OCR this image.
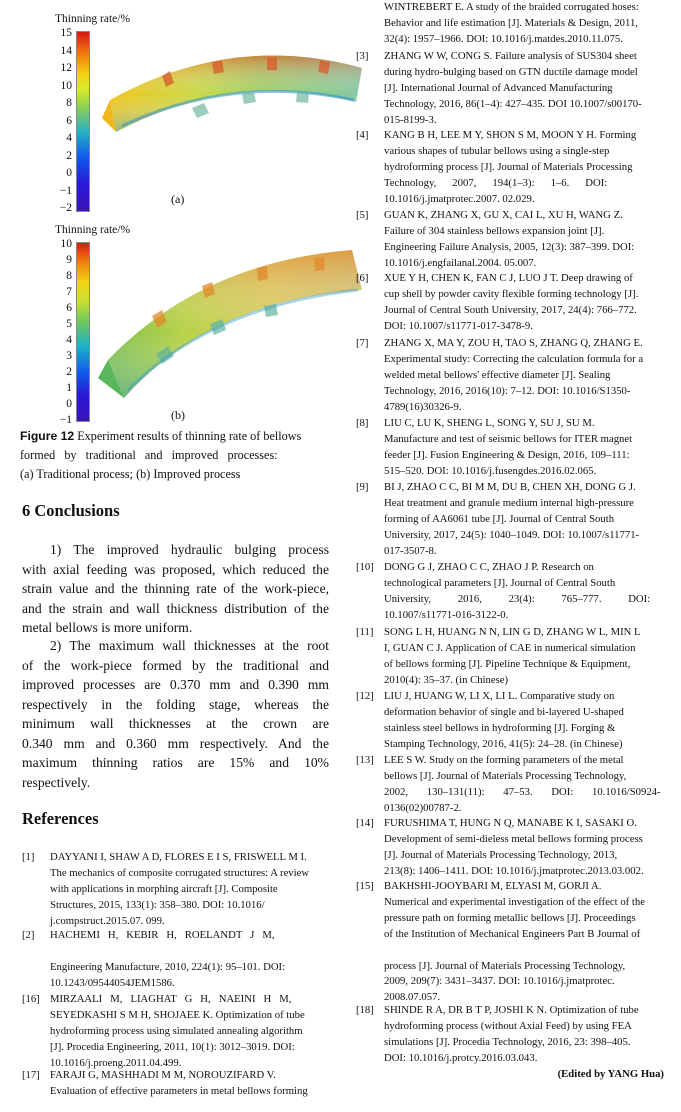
Thinning rate/%
15
14
12
10
8
6
4
2
0
−1
−2
(a)
Thinning rate/%
10
9
8
7
6
5
4
3
2
1
0
−1	(b)
Figure 12 Experiment results of thinning rate of bellows
formed   by   traditional   and   improved   processes:
(a) Traditional process; (b) Improved process
6 Conclusions
1) The improved hydraulic bulging process
with axial feeding was proposed, which reduced the
strain value and the thinning rate of the work-piece,
and the strain and wall thickness distribution of the
metal bellows is more uniform.
2) The maximum wall thicknesses at the root
of the work-piece formed by the traditional and
improved processes are 0.370 mm and 0.390 mm
respectively in the folding stage, whereas the
minimum wall thicknesses at the crown are
0.340 mm and 0.360 mm respectively. And the
maximum thinning ratios are 15% and 10%
respectively.
References
[1] DAYYANI I, SHAW A D, FLORES E I S, FRISWELL M I.
The mechanics of composite corrugated structures: A review
with applications in morphing aircraft [J]. Composite
Structures, 2015, 133(1): 358–380. DOI: 10.1016/
j.compstruct.2015.07. 099.
[2] HACHEMI   H,   KEBIR   H,   ROELANDT   J   M,
Engineering Manufacture, 2010, 224(1): 95–101. DOI:
10.1243/09544054JEM1586.
[16] MIRZAALI   M,   LIAGHAT   G   H,   NAEINI   H   M,
SEYEDKASHI S M H, SHOJAEE K. Optimization of tube
hydroforming process using simulated annealing algorithm
[J]. Procedia Engineering, 2011, 10(1): 3012–3019. DOI:
10.1016/j.proeng.2011.04.499.
[17] FARAJI G, MASHHADI M M, NOROUZIFARD V.
Evaluation of effective parameters in metal bellows forming
WINTREBERT E. A study of the braided corrugated hoses:
Behavior and life estimation [J]. Materials & Design, 2011,
32(4): 1957–1966. DOI: 10.1016/j.matdes.2010.11.075.
[3] ZHANG W W, CONG S. Failure analysis of SUS304 sheet
during hydro-bulging based on GTN ductile damage model
[J]. International Journal of Advanced Manufacturing
Technology, 2016, 86(1–4): 427–435. DOI 10.1007/s00170-
015-8199-3.
[4] KANG B H, LEE M Y, SHON S M, MOON Y H. Forming
various shapes of tubular bellows using a single-step
hydroforming process [J]. Journal of Materials Processing
Technology,      2007,      194(1–3):      1–6.      DOI:
10.1016/j.jmatprotec.2007. 02.029.
[5] GUAN K, ZHANG X, GU X, CAI L, XU H, WANG Z.
Failure of 304 stainless bellows expansion joint [J].
Engineering Failure Analysis, 2005, 12(3): 387–399. DOI:
10.1016/j.engfailanal.2004. 05.007.
[6] XUE Y H, CHEN K, FAN C J, LUO J T. Deep drawing of
cup shell by powder cavity flexible forming technology [J].
Journal of Central South University, 2017, 24(4): 766–772.
DOI: 10.1007/s11771-017-3478-9.
[7] ZHANG X, MA Y, ZOU H, TAO S, ZHANG Q, ZHANG E.
Experimental study: Correcting the calculation formula for a
welded metal bellows' effective diameter [J]. Sealing
Technology, 2016, 2016(10): 7–12. DOI: 10.1016/S1350-
4789(16)30326-9.
[8] LIU C, LU K, SHENG L, SONG Y, SU J, SU M.
Manufacture and test of seismic bellows for ITER magnet
feeder [J]. Fusion Engineering & Design, 2016, 109–111:
515–520. DOI: 10.1016/j.fusengdes.2016.02.065.
[9] BI J, ZHAO C C, BI M M, DU B, CHEN XH, DONG G J.
Heat treatment and granule medium internal high-pressure
forming of AA6061 tube [J]. Journal of Central South
University, 2017, 24(5): 1040–1049. DOI: 10.1007/s11771-
017-3507-8.
[10] DONG G J, ZHAO C C, ZHAO J P. Research on
technological parameters [J]. Journal of Central South
University,          2016,          23(4):          765–777.          DOI:
10.1007/s11771-016-3122-0.
[11] SONG L H, HUANG N N, LIN G D, ZHANG W L, MIN L
I, GUAN C J. Application of CAE in numerical simulation
of bellows forming [J]. Pipeline Technique & Equipment,
2010(4): 35–37. (in Chinese)
[12] LIU J, HUANG W, LI X, LI L. Comparative study on
deformation behavior of single and bi-layered U-shaped
stainless steel bellows in hydroforming [J]. Forging &
Stamping Technology, 2016, 41(5): 24–28. (in Chinese)
[13] LEE S W. Study on the forming parameters of the metal
bellows [J]. Journal of Materials Processing Technology,
2002,       130–131(11):       47–53.       DOI:       10.1016/S0924-
0136(02)00787-2.
[14] FURUSHIMA T, HUNG N Q, MANABE K I, SASAKI O.
Development of semi-dieless metal bellows forming process
[J]. Journal of Materials Processing Technology, 2013,
213(8): 1406–1411. DOI: 10.1016/j.jmatprotec.2013.03.002.
[15] BAKHSHI-JOOYBARI M, ELYASI M, GORJI A.
Numerical and experimental investigation of the effect of the
pressure path on forming metallic bellows [J]. Proceedings
of the Institution of Mechanical Engineers Part B Journal of
process [J]. Journal of Materials Processing Technology,
2009, 209(7): 3431–3437. DOI: 10.1016/j.jmatprotec.
2008.07.057.
[18] SHINDE R A, DR B T P, JOSHI K N. Optimization of tube
hydroforming process (without Axial Feed) by using FEA
simulations [J]. Procedia Technology, 2016, 23: 398–405.
DOI: 10.1016/j.protcy.2016.03.043.
(Edited by YANG Hua)
